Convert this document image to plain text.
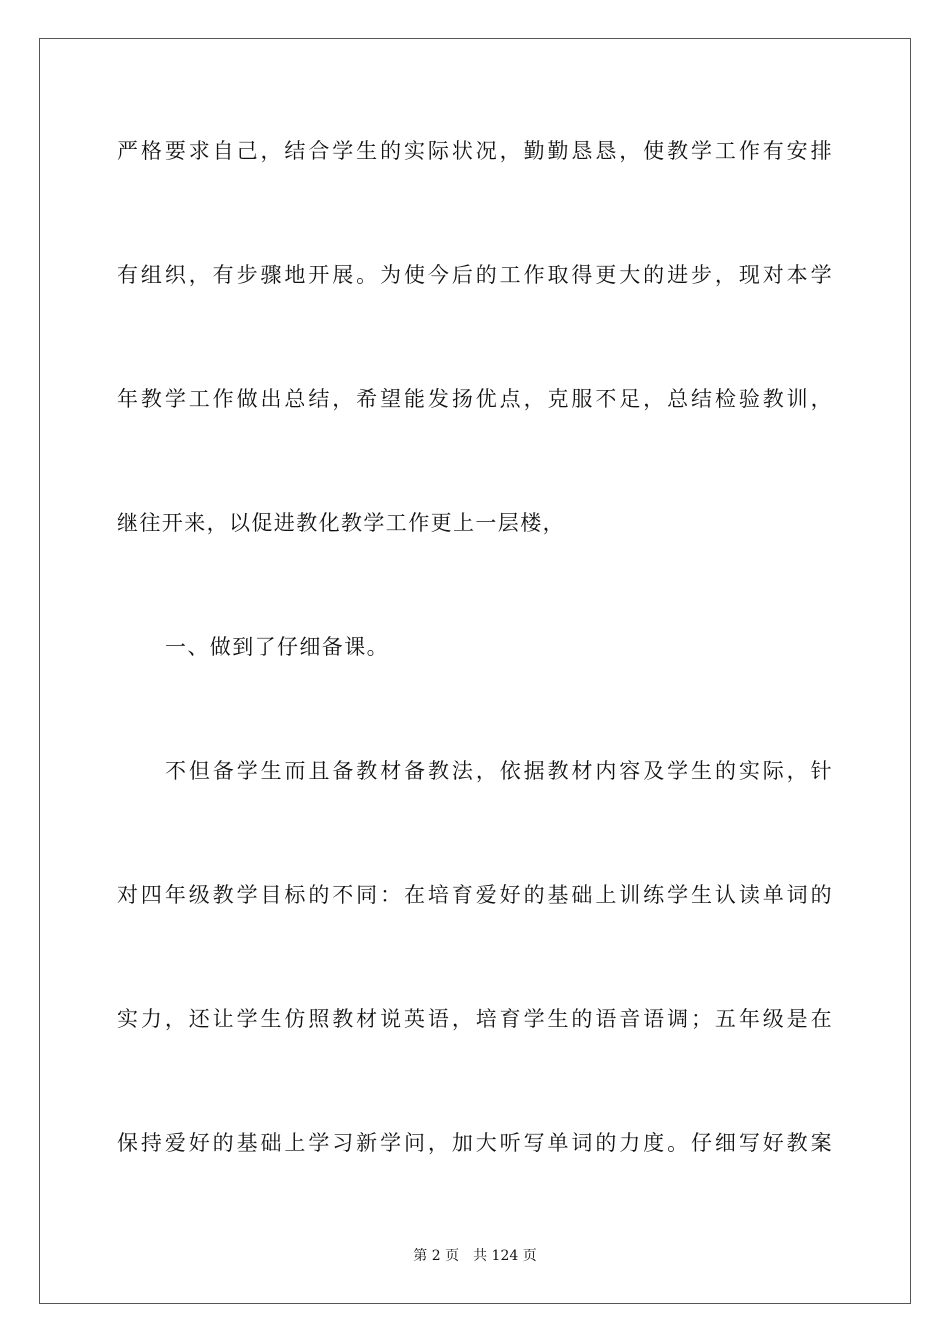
严格要求自己，结合学生的实际状况，勤勤恳恳，使教学工作有安排
有组织，有步骤地开展。为使今后的工作取得更大的进步，现对本学
年教学工作做出总结，希望能发扬优点，克服不足，总结检验教训，
继往开来，以促进教化教学工作更上一层楼，
一、做到了仔细备课。
不但备学生而且备教材备教法，依据教材内容及学生的实际，针
对四年级教学目标的不同：在培育爱好的基础上训练学生认读单词的
实力，还让学生仿照教材说英语，培育学生的语音语调；五年级是在
保持爱好的基础上学习新学问，加大听写单词的力度。仔细写好教案
第 2 页 共 124 页
